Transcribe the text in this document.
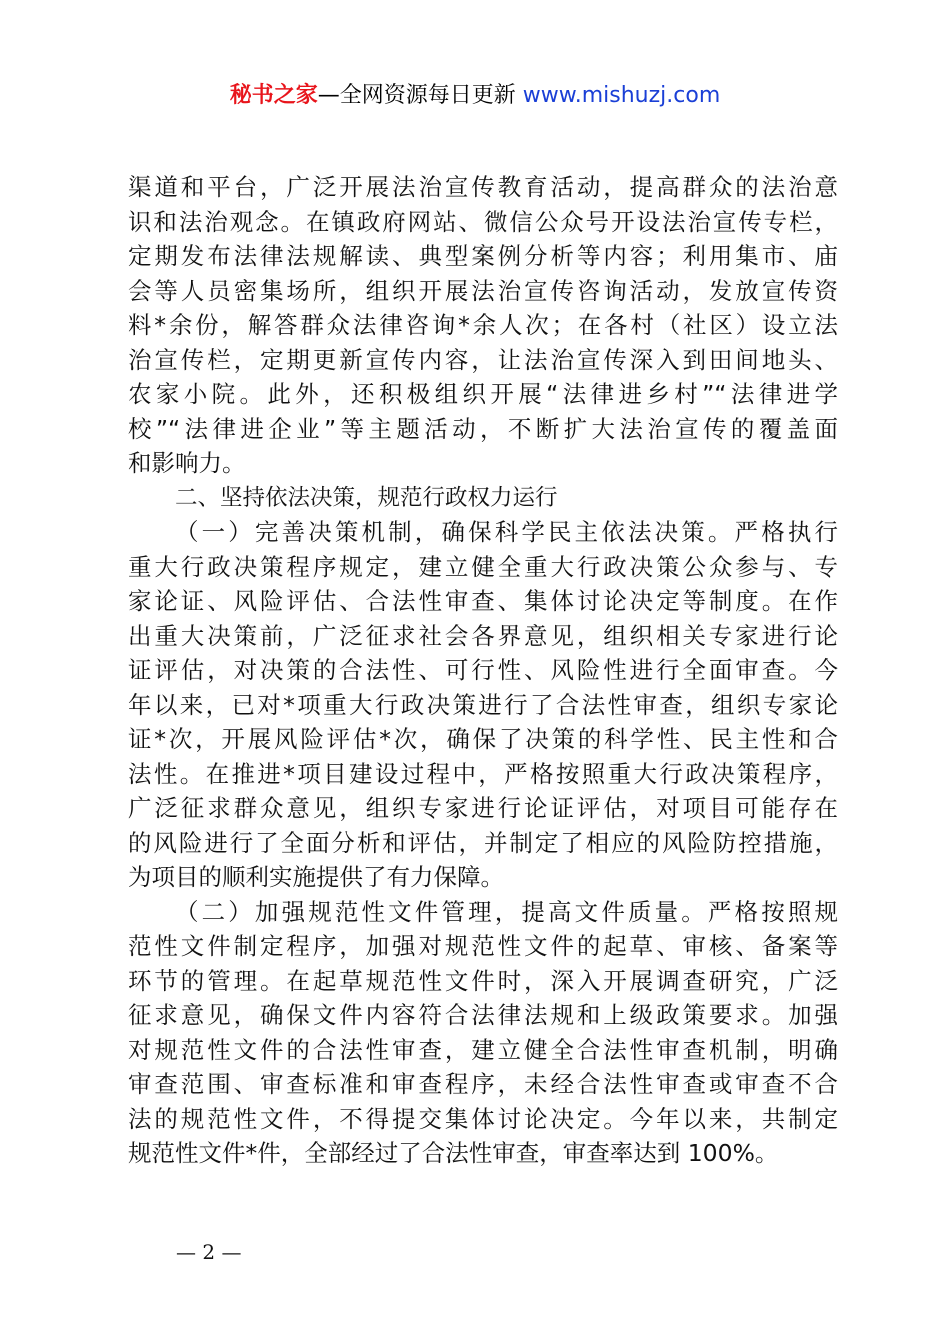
秘书之家—全网资源每日更新 www.mishuzj.com
渠道和平台，广泛开展法治宣传教育活动，提高群众的法治意
识和法治观念。在镇政府网站、微信公众号开设法治宣传专栏，
定期发布法律法规解读、典型案例分析等内容；利用集市、庙
会等人员密集场所，组织开展法治宣传咨询活动，发放宣传资
料*余份，解答群众法律咨询*余人次；在各村（社区）设立法
治宣传栏，定期更新宣传内容，让法治宣传深入到田间地头、
农家小院。此外，还积极组织开展“法律进乡村”“法律进学
校”“法律进企业”等主题活动，不断扩大法治宣传的覆盖面
和影响力。
二、坚持依法决策，规范行政权力运行
（一）完善决策机制，确保科学民主依法决策。严格执行
重大行政决策程序规定，建立健全重大行政决策公众参与、专
家论证、风险评估、合法性审查、集体讨论决定等制度。在作
出重大决策前，广泛征求社会各界意见，组织相关专家进行论
证评估，对决策的合法性、可行性、风险性进行全面审查。今
年以来，已对*项重大行政决策进行了合法性审查，组织专家论
证*次，开展风险评估*次，确保了决策的科学性、民主性和合
法性。在推进*项目建设过程中，严格按照重大行政决策程序，
广泛征求群众意见，组织专家进行论证评估，对项目可能存在
的风险进行了全面分析和评估，并制定了相应的风险防控措施，
为项目的顺利实施提供了有力保障。
（二）加强规范性文件管理，提高文件质量。严格按照规
范性文件制定程序，加强对规范性文件的起草、审核、备案等
环节的管理。在起草规范性文件时，深入开展调查研究，广泛
征求意见，确保文件内容符合法律法规和上级政策要求。加强
对规范性文件的合法性审查，建立健全合法性审查机制，明确
审查范围、审查标准和审查程序，未经合法性审查或审查不合
法的规范性文件，不得提交集体讨论决定。今年以来，共制定
规范性文件*件，全部经过了合法性审查，审查率达到 100%。
— 2 —
